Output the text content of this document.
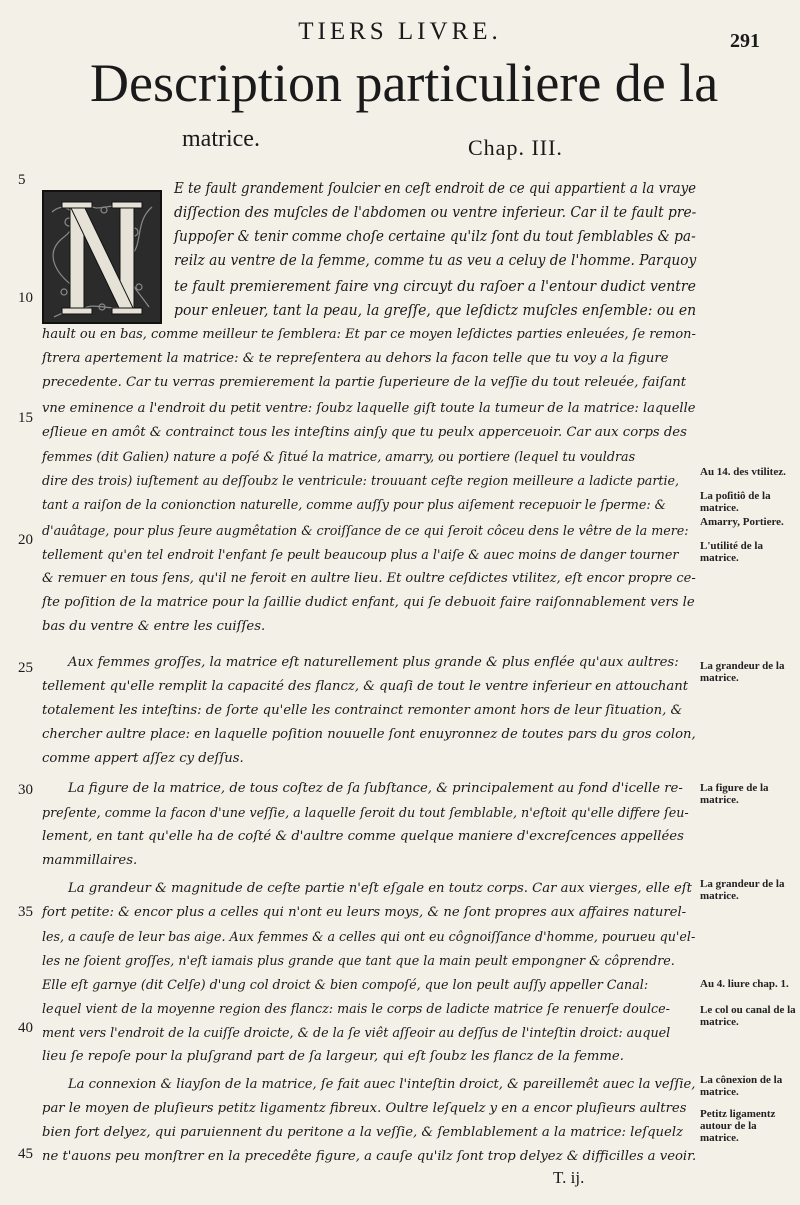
TIERS LIVRE.	291
Description particuliere de la
matrice.	Chap. III.
E te fault grandement ſoulcier en ceſt endroit de ce qui appartient a la vraye
diſſection des muſcles de l'abdomen ou ventre inferieur. Car il te fault pre-
ſuppoſer & tenir comme choſe certaine qu'ilz ſont du tout ſemblables & pa-
reilz au ventre de la femme, comme tu as veu a celuy de l'homme. Parquoy
te fault premierement faire vng circuyt du raſoer a l'entour dudict ventre
pour enleuer, tant la peau, la greſſe, que leſdictz muſcles enſemble: ou en
hault ou en bas, comme meilleur te ſemblera: Et par ce moyen leſdictes parties enleuées, ſe remon-
ſtrera apertement la matrice: & te repreſentera au dehors la facon telle que tu voy a la figure
precedente. Car tu verras premierement la partie ſuperieure de la veſſie du tout releuée, faiſant
vne eminence a l'endroit du petit ventre: ſoubz laquelle giſt toute la tumeur de la matrice: laquelle
eſlieue en amôt & contrainct tous les inteſtins ainſy que tu peulx apperceuoir. Car aux corps des
femmes (dit Galien) nature a poſé & ſitué la matrice, amarry, ou portiere (lequel tu vouldras
dire des trois) iuſtement au deſſoubz le ventricule: trouuant ceſte region meilleure a ladicte partie,
tant a raiſon de la conionction naturelle, comme auſſy pour plus aiſement recepuoir le ſperme: &
d'auâtage, pour plus ſeure augmêtation & croiſſance de ce qui ſeroit côceu dens le vêtre de la mere:
tellement qu'en tel endroit l'enfant ſe peult beaucoup plus a l'aiſe & auec moins de danger tourner
& remuer en tous ſens, qu'il ne feroit en aultre lieu. Et oultre ceſdictes vtilitez, eſt encor propre ce-
ſte poſition de la matrice pour la ſaillie dudict enfant, qui ſe debuoit faire raiſonnablement vers le
bas du ventre & entre les cuiſſes.
Aux femmes groſſes, la matrice eſt naturellement plus grande & plus enflée qu'aux aultres:
tellement qu'elle remplit la capacité des flancz, & quaſi de tout le ventre inferieur en attouchant
totalement les inteſtins: de ſorte qu'elle les contrainct remonter amont hors de leur ſituation, &
chercher aultre place: en laquelle poſition nouuelle ſont enuyronnez de toutes pars du gros colon,
comme appert aſſez cy deſſus.
La figure de la matrice, de tous coſtez de ſa ſubſtance, & principalement au fond d'icelle re-
preſente, comme la facon d'une veſſie, a laquelle ſeroit du tout ſemblable, n'eſtoit qu'elle differe ſeu-
lement, en tant qu'elle ha de coſté & d'aultre comme quelque maniere d'excreſcences appellées
mammillaires.
La grandeur & magnitude de ceſte partie n'eſt eſgale en toutz corps. Car aux vierges, elle eſt
fort petite: & encor plus a celles qui n'ont eu leurs moys, & ne ſont propres aux affaires naturel-
les, a cauſe de leur bas aige. Aux femmes & a celles qui ont eu côgnoiſſance d'homme, pourueu qu'el-
les ne ſoient groſſes, n'eſt iamais plus grande que tant que la main peult empongner & côprendre.
Elle eſt garnye (dit Celſe) d'ung col droict & bien compoſé, que lon peult auſſy appeller Canal:
lequel vient de la moyenne region des flancz: mais le corps de ladicte matrice ſe renuerſe doulce-
ment vers l'endroit de la cuiſſe droicte, & de la ſe viêt aſſeoir au deſſus de l'inteſtin droict: auquel
lieu ſe repoſe pour la pluſgrand part de ſa largeur, qui eſt ſoubz les flancz de la femme.
La connexion & liayſon de la matrice, ſe fait auec l'inteſtin droict, & pareillemêt auec la veſſie,
par le moyen de pluſieurs petitz ligamentz fibreux. Oultre leſquelz y en a encor pluſieurs aultres
bien fort delyez, qui paruiennent du peritone a la veſſie, & ſemblablement a la matrice: leſquelz
ne t'auons peu monſtrer en la precedête figure, a cauſe qu'ilz ſont trop delyez & difficilles a veoir.
5
10
15
20
25
30
35
40
45
Au 14. des vtilitez.
La poſitiô de la matrice.
Amarry, Portiere.
L'utilité de la matrice.
La grandeur de la matrice.
La figure de la matrice.
La grandeur de la matrice.
Au 4. liure chap. 1.
Le col ou canal de la matrice.
La cônexion de la matrice.
Petitz ligamentz autour de la matrice.
T. ij.
